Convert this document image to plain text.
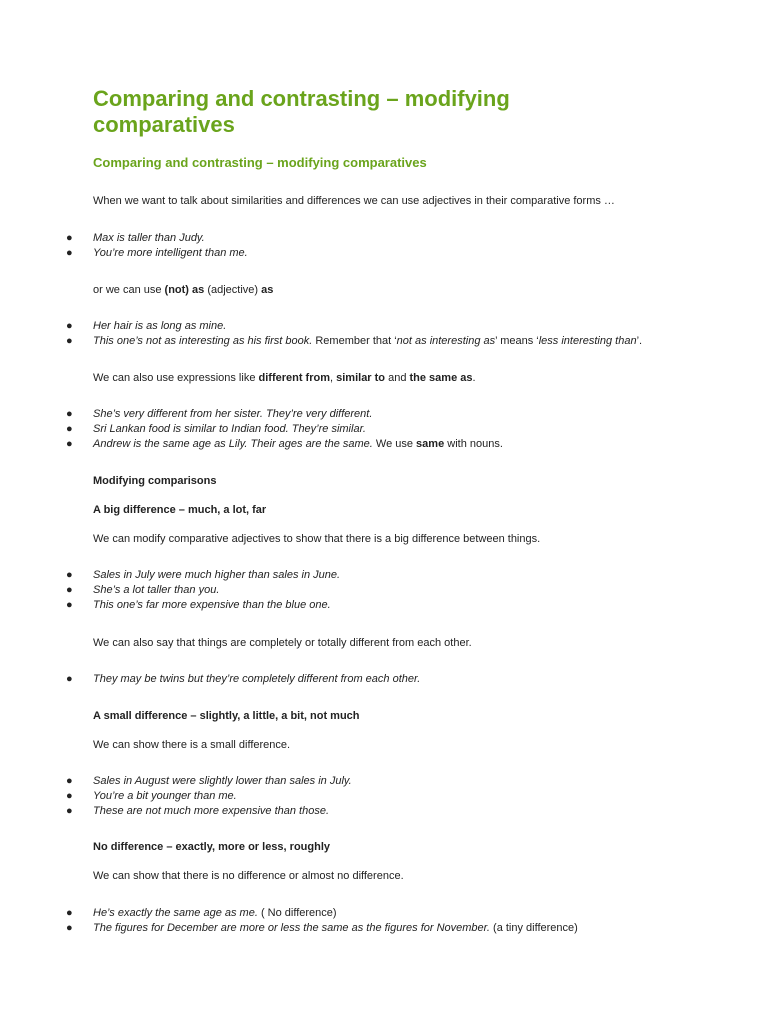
Comparing and contrasting – modifying comparatives
Comparing and contrasting – modifying comparatives

When we want to talk about similarities and differences we can use adjectives in their comparative forms …

● Max is taller than Judy.
● You’re more intelligent than me.

or we can use (not) as (adjective) as

● Her hair is as long as mine.
● This one’s not as interesting as his first book. Remember that ‘not as interesting as’ means ‘less interesting than’.

We can also use expressions like different from, similar to and the same as.

● She’s very different from her sister. They’re very different.
● Sri Lankan food is similar to Indian food. They’re similar.
● Andrew is the same age as Lily. Their ages are the same. We use same with nouns.

Modifying comparisons

A big difference – much, a lot, far

We can modify comparative adjectives to show that there is a big difference between things.

● Sales in July were much higher than sales in June.
● She’s a lot taller than you.
● This one’s far more expensive than the blue one.

We can also say that things are completely or totally different from each other.

● They may be twins but they’re completely different from each other.

A small difference – slightly, a little, a bit, not much

We can show there is a small difference.

● Sales in August were slightly lower than sales in July.
● You’re a bit younger than me.
● These are not much more expensive than those.

No difference – exactly, more or less, roughly

We can show that there is no difference or almost no difference.

● He’s exactly the same age as me. ( No difference)
● The figures for December are more or less the same as the figures for November. (a tiny difference)
